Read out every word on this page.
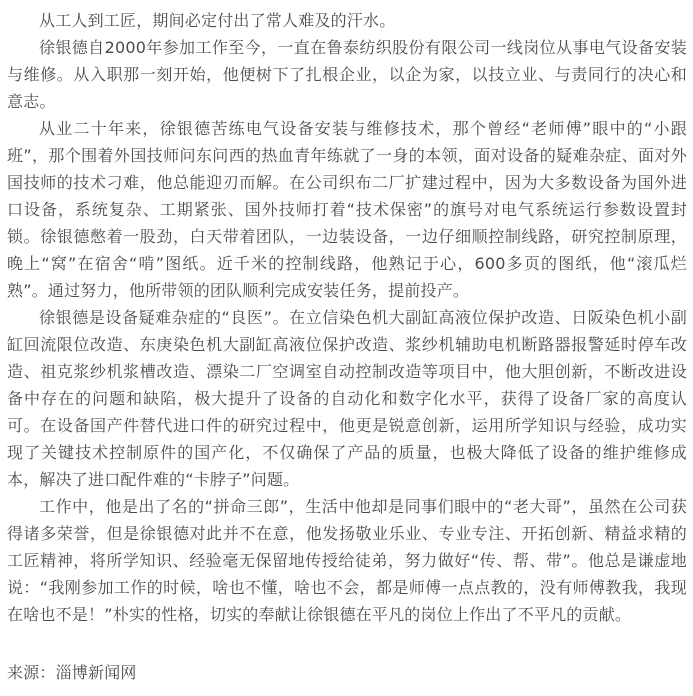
从工人到工匠，期间必定付出了常人难及的汗水。

徐银德自2000年参加工作至今，一直在鲁泰纺织股份有限公司一线岗位从事电气设备安装与维修。从入职那一刻开始，他便树下了扎根企业，以企为家，以技立业、与责同行的决心和意志。

从业二十年来，徐银德苦练电气设备安装与维修技术，那个曾经“老师傅”眼中的“小跟班”，那个围着外国技师问东问西的热血青年练就了一身的本领，面对设备的疑难杂症、面对外国技师的技术刁难，他总能迎刃而解。在公司织布二厂扩建过程中，因为大多数设备为国外进口设备，系统复杂、工期紧张、国外技师打着“技术保密”的旗号对电气系统运行参数设置封锁。徐银德憋着一股劲，白天带着团队，一边装设备，一边仔细顺控制线路，研究控制原理，晚上“窝”在宿舍“啃”图纸。近千米的控制线路，他熟记于心，600多页的图纸，他“滚瓜烂熟”。通过努力，他所带领的团队顺利完成安装任务，提前投产。

徐银德是设备疑难杂症的“良医”。在立信染色机大副缸高液位保护改造、日阪染色机小副缸回流限位改造、东庚染色机大副缸高液位保护改造、浆纱机辅助电机断路器报警延时停车改造、祖克浆纱机浆槽改造、漂染二厂空调室自动控制改造等项目中，他大胆创新，不断改进设备中存在的问题和缺陷，极大提升了设备的自动化和数字化水平，获得了设备厂家的高度认可。在设备国产件替代进口件的研究过程中，他更是锐意创新，运用所学知识与经验，成功实现了关键技术控制原件的国产化，不仅确保了产品的质量，也极大降低了设备的维护维修成本，解决了进口配件难的“卡脖子”问题。

工作中，他是出了名的“拼命三郎”，生活中他却是同事们眼中的“老大哥”，虽然在公司获得诸多荣誉，但是徐银德对此并不在意，他发扬敬业乐业、专业专注、开拓创新、精益求精的工匠精神，将所学知识、经验毫无保留地传授给徒弟，努力做好“传、帮、带”。他总是谦虚地说：“我刚参加工作的时候，啥也不懂，啥也不会，都是师傅一点点教的，没有师傅教我，我现在啥也不是！”朴实的性格，切实的奉献让徐银德在平凡的岗位上作出了不平凡的贡献。

来源：淄博新闻网
